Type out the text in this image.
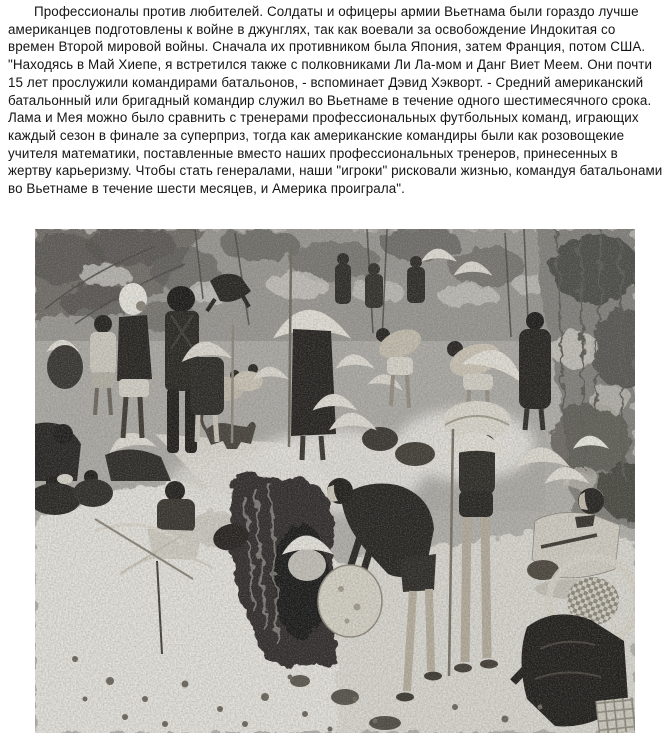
Профессионалы против любителей. Солдаты и офицеры армии Вьетнама были гораздо лучше американцев подготовлены к войне в джунглях, так как воевали за освобождение Индокитая со времен Второй мировой войны. Сначала их противником была Япония, затем Франция, потом США. "Находясь в Май Хиепе, я встретился также с полковниками Ли Ла-мом и Данг Виет Меем. Они почти 15 лет прослужили командирами батальонов, - вспоминает Дэвид Хэкворт. - Средний американский батальонный или бригадный командир служил во Вьетнаме в течение одного шестимесячного срока. Лама и Мея можно было сравнить с тренерами профессиональных футбольных команд, играющих каждый сезон в финале за суперприз, тогда как американские командиры были как розовощекие учителя математики, поставленные вместо наших профессиональных тренеров, принесенных в жертву карьеризму. Чтобы стать генералами, наши "игроки" рисковали жизнью, командуя батальонами во Вьетнаме в течение шести месяцев, и Америка проиграла".
